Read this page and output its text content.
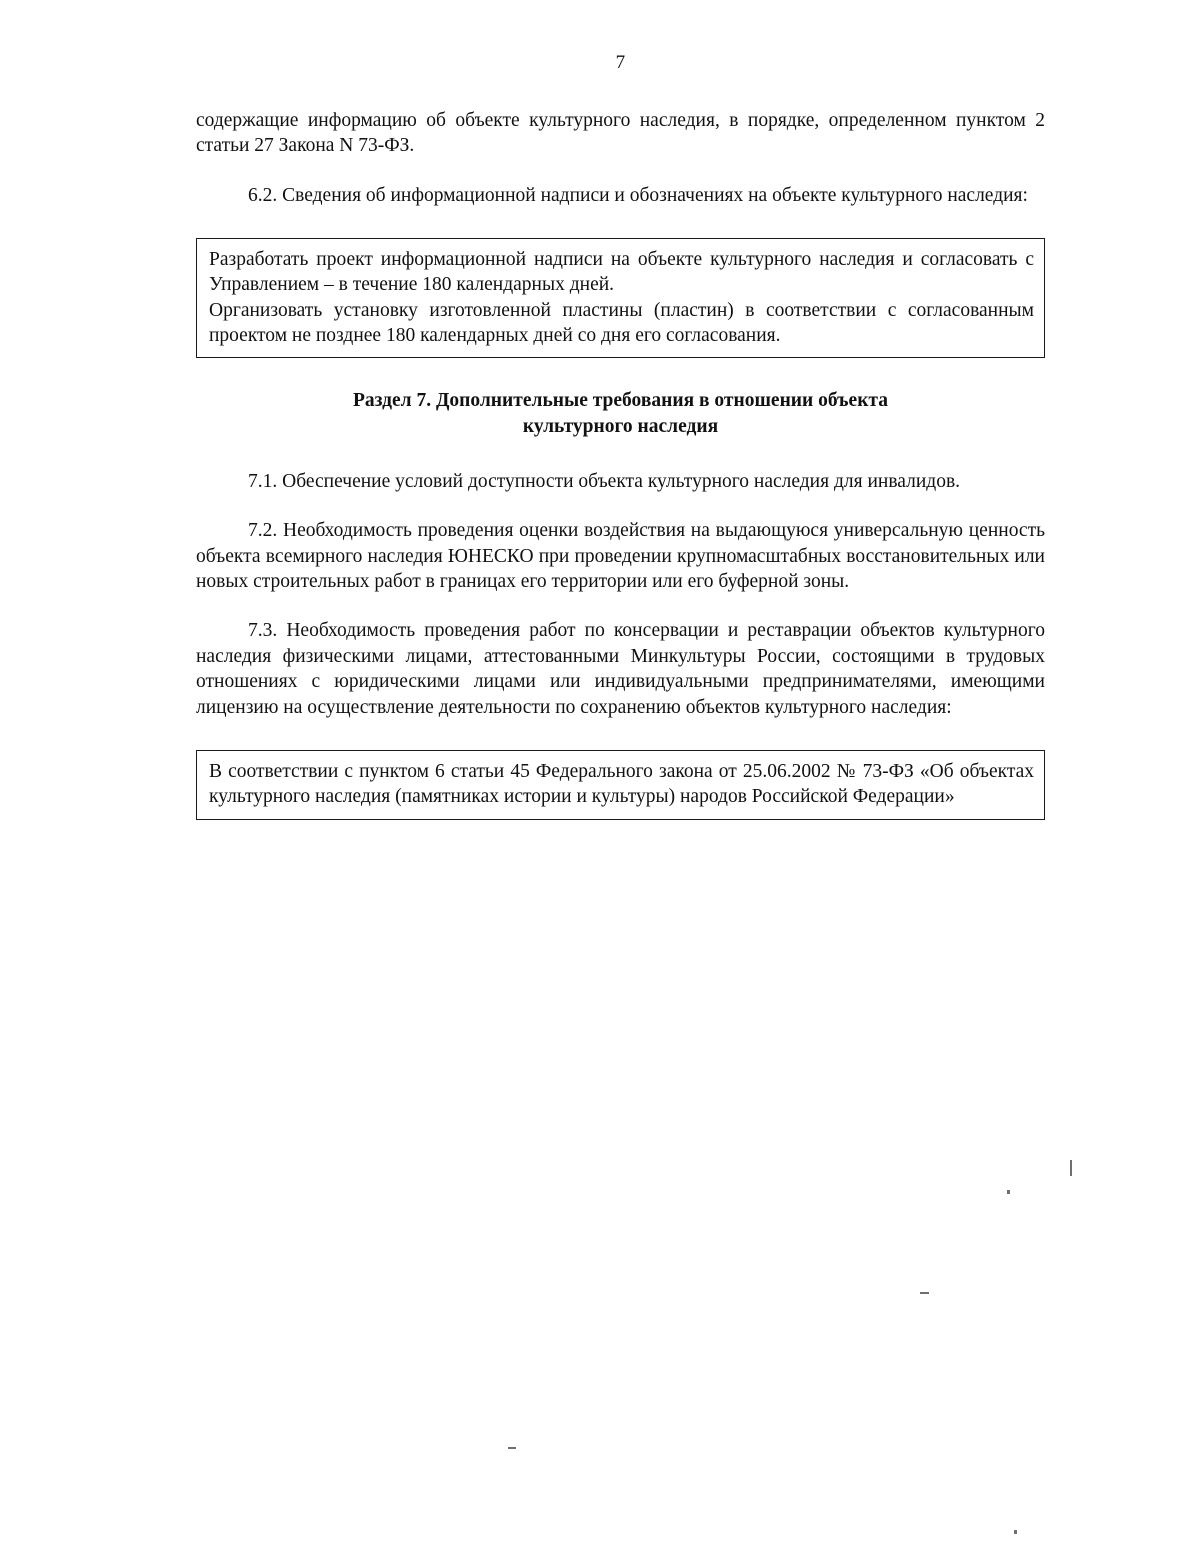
7

содержащие информацию об объекте культурного наследия, в порядке, определенном пунктом 2 статьи 27 Закона N 73-ФЗ.

6.2. Сведения об информационной надписи и обозначениях на объекте культурного наследия:

Разработать проект информационной надписи на объекте культурного наследия и согласовать с Управлением – в течение 180 календарных дней.

Организовать установку изготовленной пластины (пластин) в соответствии с согласованным проектом не позднее 180 календарных дней со дня его согласования.

Раздел 7. Дополнительные требования в отношении объекта
культурного наследия

7.1. Обеспечение условий доступности объекта культурного наследия для инвалидов.

7.2. Необходимость проведения оценки воздействия на выдающуюся универсальную ценность объекта всемирного наследия ЮНЕСКО при проведении крупномасштабных восстановительных или новых строительных работ в границах его территории или его буферной зоны.

7.3. Необходимость проведения работ по консервации и реставрации объектов культурного наследия физическими лицами, аттестованными Минкультуры России, состоящими в трудовых отношениях с юридическими лицами или индивидуальными предпринимателями, имеющими лицензию на осуществление деятельности по сохранению объектов культурного наследия:

В соответствии с пунктом 6 статьи 45 Федерального закона от 25.06.2002 № 73-ФЗ «Об объектах культурного наследия (памятниках истории и культуры) народов Российской Федерации»
